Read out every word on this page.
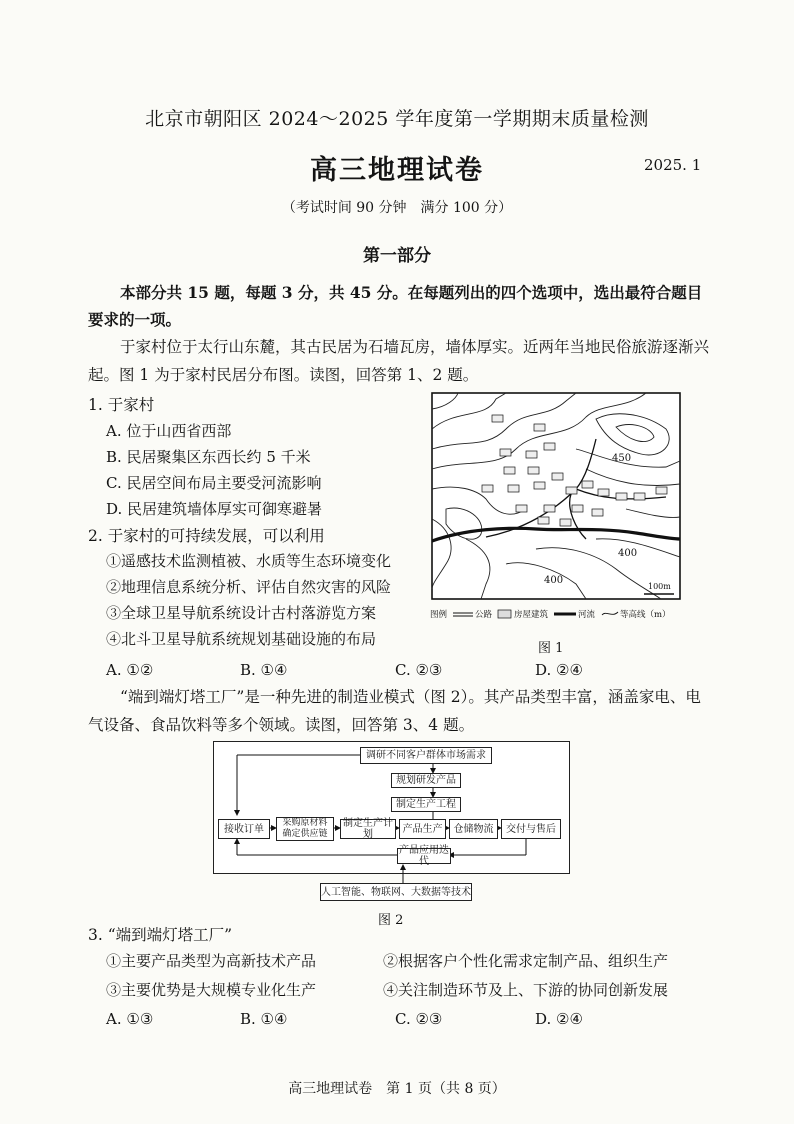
北京市朝阳区 2024～2025 学年度第一学期期末质量检测
高三地理试卷	2025. 1
（考试时间 90 分钟　满分 100 分）
第一部分
本部分共 15 题，每题 3 分，共 45 分。在每题列出的四个选项中，选出最符合题目要求的一项。
于家村位于太行山东麓，其古民居为石墙瓦房，墙体厚实。近两年当地民俗旅游逐渐兴起。图 1 为于家村民居分布图。读图，回答第 1、2 题。
1. 于家村
A. 位于山西省西部
B. 民居聚集区东西长约 5 千米
C. 民居空间布局主要受河流影响
D. 民居建筑墙体厚实可御寒避暑
2. 于家村的可持续发展，可以利用
①遥感技术监测植被、水质等生态环境变化
②地理信息系统分析、评估自然灾害的风险
③全球卫星导航系统设计古村落游览方案
④北斗卫星导航系统规划基础设施的布局
A. ①②	B. ①④	C. ②③	D. ②④
450
400
400
100m
图例	公路	房屋建筑	河流	等高线（m）
图 1
“端到端灯塔工厂”是一种先进的制造业模式（图 2）。其产品类型丰富，涵盖家电、电气设备、食品饮料等多个领域。读图，回答第 3、4 题。
调研不同客户群体市场需求
规划研发产品
制定生产工程
接收订单
采购原材料
确定供应链
制定生产计划	产品生产	仓储物流	交付与售后
产品应用迭代
人工智能、物联网、大数据等技术
图 2
3. “端到端灯塔工厂”
①主要产品类型为高新技术产品	②根据客户个性化需求定制产品、组织生产
③主要优势是大规模专业化生产	④关注制造环节及上、下游的协同创新发展
A. ①③	B. ①④	C. ②③	D. ②④
高三地理试卷　第 1 页（共 8 页）
